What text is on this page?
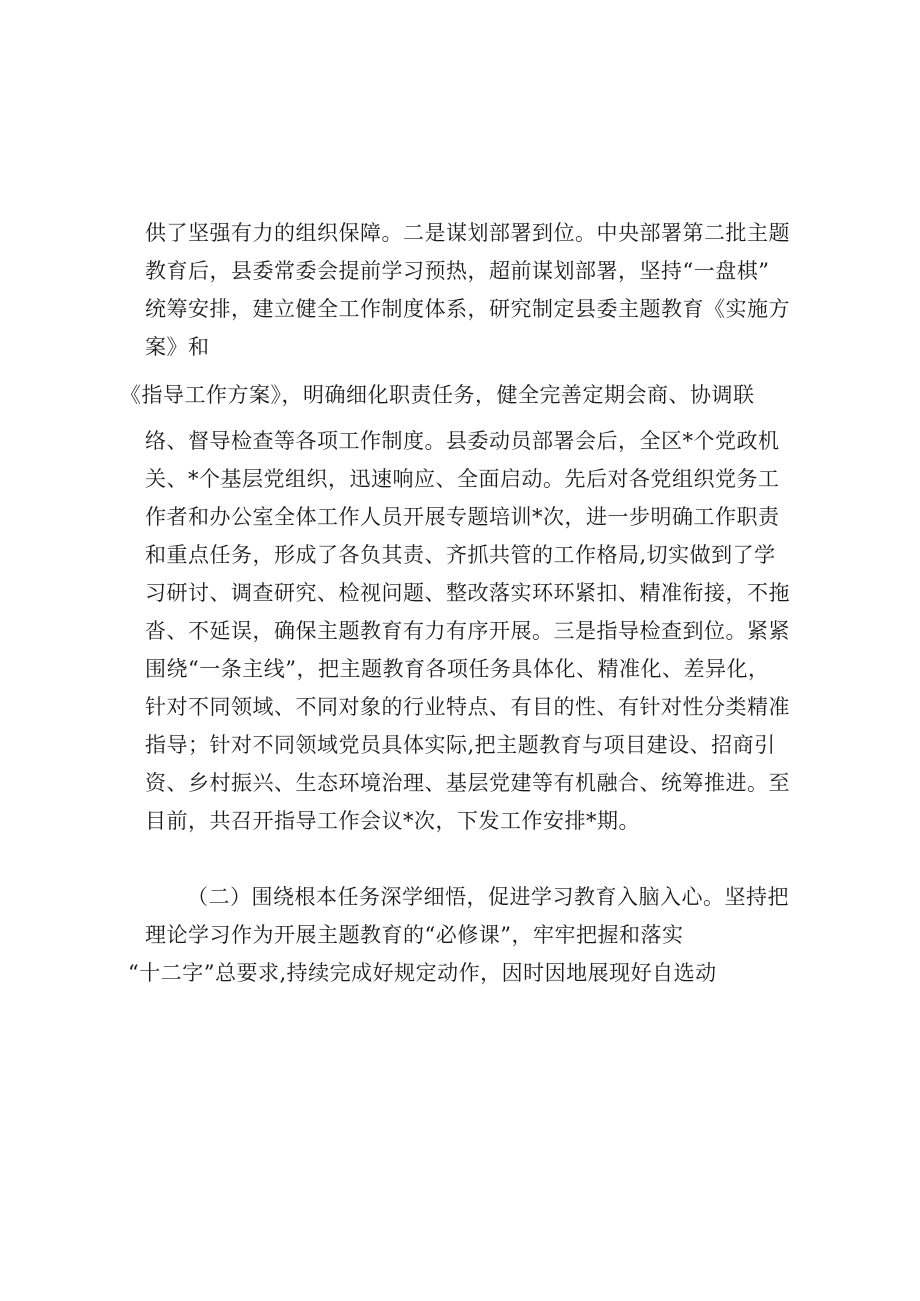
供了坚强有力的组织保障。二是谋划部署到位。中央部署第二批主题
教育后，县委常委会提前学习预热，超前谋划部署，坚持“一盘棋”
统筹安排，建立健全工作制度体系，研究制定县委主题教育《实施方
案》和
《指导工作方案》，明确细化职责任务，健全完善定期会商、协调联
络、督导检查等各项工作制度。县委动员部署会后，全区*个党政机
关、*个基层党组织，迅速响应、全面启动。先后对各党组织党务工
作者和办公室全体工作人员开展专题培训*次，进一步明确工作职责
和重点任务，形成了各负其责、齐抓共管的工作格局,切实做到了学
习研讨、调查研究、检视问题、整改落实环环紧扣、精准衔接，不拖
沓、不延误，确保主题教育有力有序开展。三是指导检查到位。紧紧
围绕“一条主线”，把主题教育各项任务具体化、精准化、差异化，
针对不同领域、不同对象的行业特点、有目的性、有针对性分类精准
指导；针对不同领域党员具体实际,把主题教育与项目建设、招商引
资、乡村振兴、生态环境治理、基层党建等有机融合、统筹推进。至
目前，共召开指导工作会议*次，下发工作安排*期。
（二）围绕根本任务深学细悟，促进学习教育入脑入心。坚持把
理论学习作为开展主题教育的“必修课”，牢牢把握和落实
“十二字”总要求,持续完成好规定动作，因时因地展现好自选动
